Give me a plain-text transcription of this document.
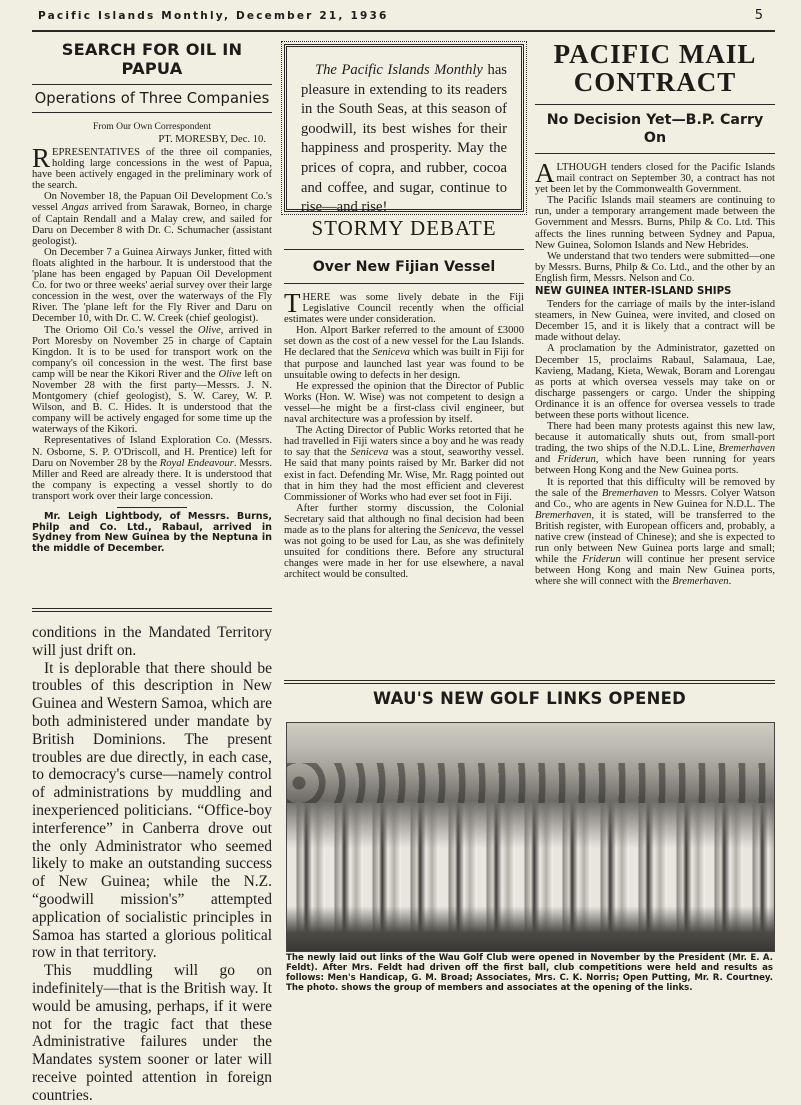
Pacific Islands Monthly, December 21, 1936	5
SEARCH FOR OIL IN PAPUA
Operations of Three Companies
From Our Own Correspondent
PT. MORESBY, Dec. 10.

REPRESENTATIVES of the three oil companies, holding large concessions in the west of Papua, have been actively engaged in the preliminary work of the search.

On November 18, the Papuan Oil Development Co.'s vessel Angas arrived from Sarawak, Borneo, in charge of Captain Rendall and a Malay crew, and sailed for Daru on December 8 with Dr. C. Schumacher (assistant geologist).

On December 7 a Guinea Airways Junker, fitted with floats alighted in the harbour. It is understood that the 'plane has been engaged by Papuan Oil Development Co. for two or three weeks' aerial survey over their large concession in the west, over the waterways of the Fly River. The 'plane left for the Fly River and Daru on December 10, with Dr. C. W. Creek (chief geologist).

The Oriomo Oil Co.'s vessel the Olive, arrived in Port Moresby on November 25 in charge of Captain Kingdon. It is to be used for transport work on the company's oil concession in the west. The first base camp will be near the Kikori River and the Olive left on November 28 with the first party—Messrs. J. N. Montgomery (chief geologist), S. W. Carey, W. P. Wilson, and B. C. Hides. It is understood that the company will be actively engaged for some time up the waterways of the Kikori.

Representatives of Island Exploration Co. (Messrs. N. Osborne, S. P. O'Driscoll, and H. Prentice) left for Daru on November 28 by the Royal Endeavour. Messrs. Miller and Reed are already there. It is understood that the company is expecting a vessel shortly to do transport work over their large concession.

Mr. Leigh Lightbody, of Messrs. Burns, Philp and Co. Ltd., Rabaul, arrived in Sydney from New Guinea by the Neptuna in the middle of December.

conditions in the Mandated Territory will just drift on.

It is deplorable that there should be troubles of this description in New Guinea and Western Samoa, which are both administered under mandate by British Dominions. The present troubles are due directly, in each case, to democracy's curse—namely control of administrations by muddling and inexperienced politicians. “Office-boy interference” in Canberra drove out the only Administrator who seemed likely to make an outstanding success of New Guinea; while the N.Z. “goodwill mission's” attempted application of socialistic principles in Samoa has started a glorious political row in that territory.

This muddling will go on indefinitely—that is the British way. It would be amusing, perhaps, if it were not for the tragic fact that these Administrative failures under the Mandates system sooner or later will receive pointed attention in foreign countries.

The Pacific Islands Monthly has pleasure in extending to its readers in the South Seas, at this season of goodwill, its best wishes for their happiness and prosperity. May the prices of copra, and rubber, cocoa and coffee, and sugar, continue to rise—and rise!
STORMY DEBATE
Over New Fijian Vessel

THERE was some lively debate in the Fiji Legislative Council recently when the official estimates were under consideration.

Hon. Alport Barker referred to the amount of £3000 set down as the cost of a new vessel for the Lau Islands. He declared that the Seniceva which was built in Fiji for that purpose and launched last year was found to be unsuitable owing to defects in her design.

He expressed the opinion that the Director of Public Works (Hon. W. Wise) was not competent to design a vessel—he might be a first-class civil engineer, but naval architecture was a profession by itself.

The Acting Director of Public Works retorted that he had travelled in Fiji waters since a boy and he was ready to say that the Seniceva was a stout, seaworthy vessel. He said that many points raised by Mr. Barker did not exist in fact. Defending Mr. Wise, Mr. Ragg pointed out that in him they had the most efficient and cleverest Commissioner of Works who had ever set foot in Fiji.

After further stormy discussion, the Colonial Secretary said that although no final decision had been made as to the plans for altering the Seniceva, the vessel was not going to be used for Lau, as she was definitely unsuited for conditions there. Before any structural changes were made in her for use elsewhere, a naval architect would be consulted.

PACIFIC MAIL
CONTRACT
No Decision Yet—B.P. Carry On

ALTHOUGH tenders closed for the Pacific Islands mail contract on September 30, a contract has not yet been let by the Commonwealth Government.

The Pacific Islands mail steamers are continuing to run, under a temporary arrangement made between the Government and Messrs. Burns, Philp & Co. Ltd. This affects the lines running between Sydney and Papua, New Guinea, Solomon Islands and New Hebrides.

We understand that two tenders were submitted—one by Messrs. Burns, Philp & Co. Ltd., and the other by an English firm, Messrs. Nelson and Co.

NEW GUINEA INTER-ISLAND SHIPS

Tenders for the carriage of mails by the inter-island steamers, in New Guinea, were invited, and closed on December 15, and it is likely that a contract will be made without delay.

A proclamation by the Administrator, gazetted on December 15, proclaims Rabaul, Salamaua, Lae, Kavieng, Madang, Kieta, Wewak, Boram and Lorengau as ports at which oversea vessels may take on or discharge passengers or cargo. Under the shipping Ordinance it is an offence for oversea vessels to trade between these ports without licence.

There had been many protests against this new law, because it automatically shuts out, from small-port trading, the two ships of the N.D.L. Line, Bremerhaven and Friderun, which have been running for years between Hong Kong and the New Guinea ports.

It is reported that this difficulty will be removed by the sale of the Bremerhaven to Messrs. Colyer Watson and Co., who are agents in New Guinea for N.D.L. The Bremerhaven, it is stated, will be transferred to the British register, with European officers and, probably, a native crew (instead of Chinese); and she is expected to run only between New Guinea ports large and small; while the Friderun will continue her present service between Hong Kong and main New Guinea ports, where she will connect with the Bremerhaven.

WAU'S NEW GOLF LINKS OPENED
The newly laid out links of the Wau Golf Club were opened in November by the President (Mr. E. A. Feldt). After Mrs. Feldt had driven off the first ball, club competitions were held and results as follows: Men's Handicap, G. M. Broad; Associates, Mrs. C. K. Norris; Open Putting, Mr. R. Courtney. The photo. shows the group of members and associates at the opening of the links.
